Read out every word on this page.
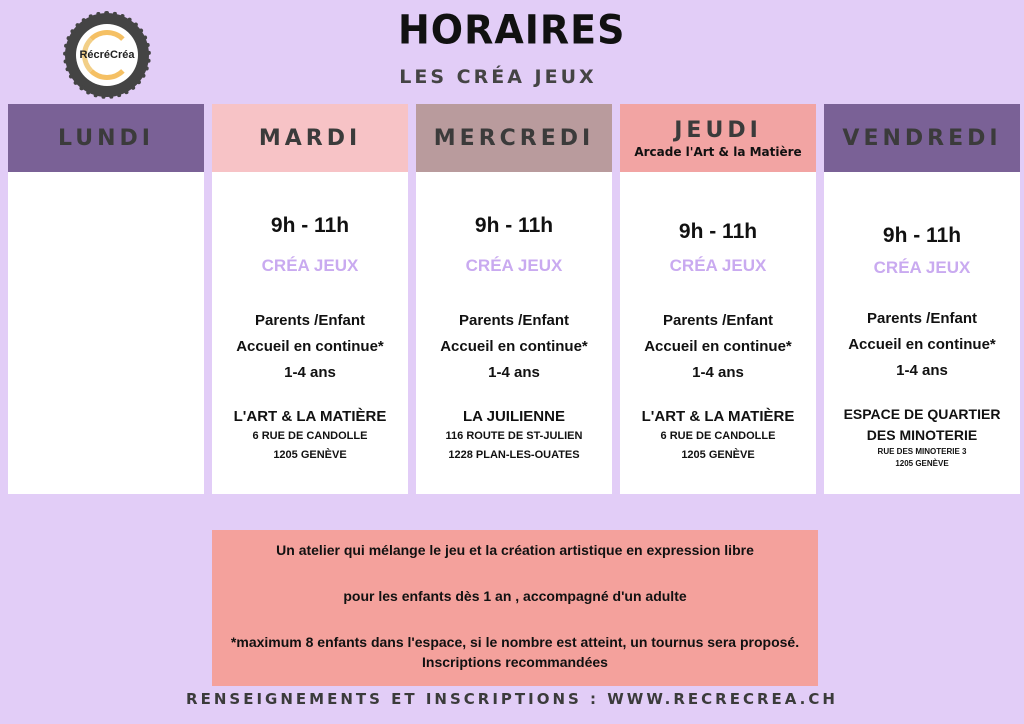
RécréCréa
HORAIRES
LES CRÉA JEUX
LUNDI	MARDI
9h - 11h
CRÉA JEUX
Parents /Enfant
Accueil en continue*
1-4 ans
L'ART & LA MATIÈRE
6 RUE DE CANDOLLE
1205 GENÈVE
MERCREDI
9h - 11h
CRÉA JEUX
Parents /Enfant
Accueil en continue*
1-4 ans
LA JUILIENNE
116 ROUTE DE ST-JULIEN
1228 PLAN-LES-OUATES
JEUDI
Arcade l'Art & la Matière
9h - 11h
CRÉA JEUX
Parents /Enfant
Accueil en continue*
1-4 ans
L'ART & LA MATIÈRE
6 RUE DE CANDOLLE
1205 GENÈVE
VENDREDI
9h - 11h
CRÉA JEUX
Parents /Enfant
Accueil en continue*
1-4 ans
ESPACE DE QUARTIER DES MINOTERIE
RUE DES MINOTERIE 3
1205 GENÈVE

Un atelier qui mélange le jeu et la création artistique en expression libre

pour les enfants dès 1 an , accompagné d'un adulte

*maximum 8 enfants dans l'espace, si le nombre est atteint, un tournus sera proposé.

Inscriptions recommandées

RENSEIGNEMENTS ET INSCRIPTIONS : WWW.RECRECREA.CH
